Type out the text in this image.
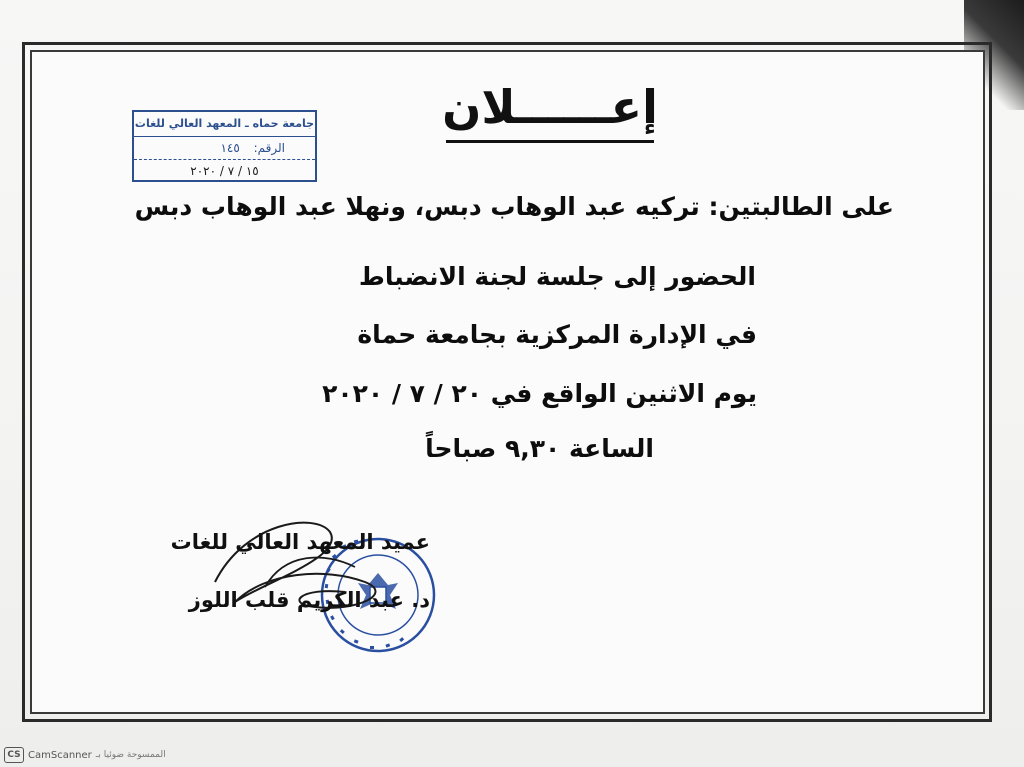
جامعة حماه ـ المعهد العالي للغات
الرقم: ١٤٥
١٥ / ٧ / ٢٠٢٠
إعــــــلان
على الطالبتين: تركيه عبد الوهاب دبس، ونهلا عبد الوهاب دبس
الحضور إلى جلسة لجنة الانضباط
في الإدارة المركزية بجامعة حماة
يوم الاثنين الواقع في ٢٠ / ٧ / ٢٠٢٠
الساعة ٩,٣٠ صباحاً
عميد المعهد العالي للغات
د. عبد الكريم قلب اللوز
CS CamScanner الممسوحة ضوئيا بـ
